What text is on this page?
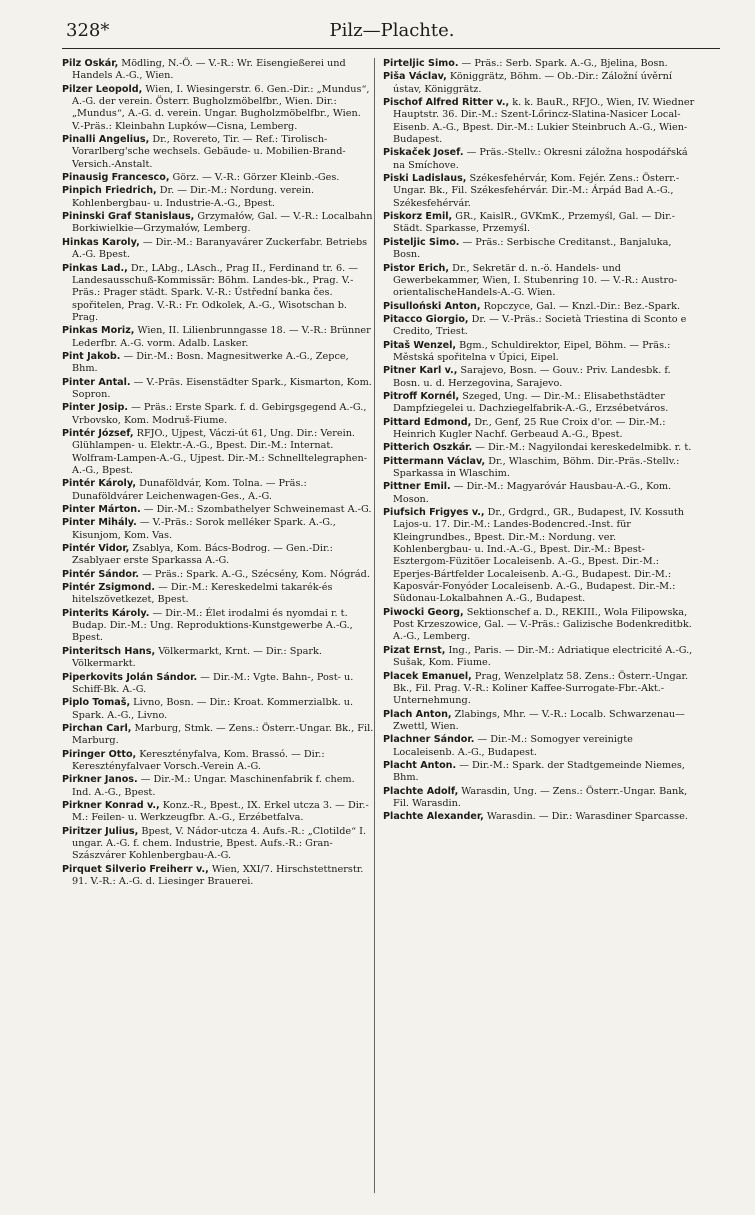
328*	Pilz—Plachte.
Pilz Oskár, Mödling, N.-Ö. — V.-R.: Wr. Eisengießerei und Handels A.-G., Wien.
Pilzer Leopold, Wien, I. Wiesingerstr. 6. Gen.-Dir.: „Mundus“, A.-G. der verein. Österr. Bugholzmöbelfbr., Wien. Dir.: „Mundus“, A.-G. d. verein. Ungar. Bugholzmöbelfbr., Wien. V.-Präs.: Kleinbahn Lupków—Cisna, Lemberg.
Pinalli Angelius, Dr., Rovereto, Tir. — Ref.: Tirolisch-Vorarlberg'sche wechsels. Gebäude- u. Mobilien-Brand-Versich.-Anstalt.
Pinausig Francesco, Görz. — V.-R.: Görzer Kleinb.-Ges.
Pinpich Friedrich, Dr. — Dir.-M.: Nordung. verein. Kohlenbergbau- u. Industrie-A.-G., Bpest.
Pininski Graf Stanislaus, Grzymałów, Gal. — V.-R.: Localbahn Borkiwielkie—Grzymałów, Lemberg.
Hinkas Karoly, — Dir.-M.: Baranyavárer Zuckerfabr. Betriebs A.-G. Bpest.
Pinkas Lad., Dr., LAbg., LAsch., Prag II., Ferdinand tr. 6. — Landesausschuß-Kommissär: Böhm. Landes-bk., Prag. V.-Präs.: Prager städt. Spark. V.-R.: Ústřední banka čes. spořitelen, Prag. V.-R.: Fr. Odkolek, A.-G., Wisotschan b. Prag.
Pinkas Moriz, Wien, II. Lilienbrunngasse 18. — V.-R.: Brünner Lederfbr. A.-G. vorm. Adalb. Lasker.
Pint Jakob. — Dir.-M.: Bosn. Magnesitwerke A.-G., Zepce, Bhm.
Pinter Antal. — V.-Präs. Eisenstädter Spark., Kismarton, Kom. Sopron.
Pinter Josip. — Präs.: Erste Spark. f. d. Gebirgsgegend A.-G., Vrbovsko, Kom. Modruš-Fiume.
Pintér József, RFJO., Ujpest, Váczi-út 61, Ung. Dir.: Verein. Glühlampen- u. Elektr.-A.-G., Bpest. Dir.-M.: Internat. Wolfram-Lampen-A.-G., Ujpest. Dir.-M.: Schnelltelegraphen-A.-G., Bpest.
Pintér Károly, Dunaföldvár, Kom. Tolna. — Präs.: Dunaföldvárer Leichenwagen-Ges., A.-G.
Pinter Márton. — Dir.-M.: Szombathelyer Schweinemast A.-G.
Pinter Mihály. — V.-Präs.: Sorok melléker Spark. A.-G., Kisunjom, Kom. Vas.
Pintér Vidor, Zsablya, Kom. Bács-Bodrog. — Gen.-Dir.: Zsablyaer erste Sparkassa A.-G.
Pintér Sándor. — Präs.: Spark. A.-G., Szécsény, Kom. Nógrád.
Pintér Zsigmond. — Dir.-M.: Kereskedelmi takarék-és hitelszövetkezet, Bpest.
Pinterits Károly. — Dir.-M.: Élet irodalmi és nyomdai r. t. Budap. Dir.-M.: Ung. Reproduktions-Kunstgewerbe A.-G., Bpest.
Pinteritsch Hans, Völkermarkt, Krnt. — Dir.: Spark. Völkermarkt.
Piperkovits Jolán Sándor. — Dir.-M.: Vgte. Bahn-, Post- u. Schiff-Bk. A.-G.
Piplo Tomaš, Livno, Bosn. — Dir.: Kroat. Kommerzialbk. u. Spark. A.-G., Livno.
Pirchan Carl, Marburg, Stmk. — Zens.: Österr.-Ungar. Bk., Fil. Marburg.
Piringer Otto, Keresztényfalva, Kom. Brassó. — Dir.: Keresztényfalvaer Vorsch.-Verein A.-G.
Pirkner Janos. — Dir.-M.: Ungar. Maschinenfabrik f. chem. Ind. A.-G., Bpest.
Pirkner Konrad v., Konz.-R., Bpest., IX. Erkel utcza 3. — Dir.-M.: Feilen- u. Werkzeugfbr. A.-G., Erzébetfalva.
Piritzer Julius, Bpest, V. Nádor-utcza 4. Aufs.-R.: „Clotilde“ I. ungar. A.-G. f. chem. Industrie, Bpest. Aufs.-R.: Gran-Szászvárer Kohlenbergbau-A.-G.
Pirquet Silverio Freiherr v., Wien, XXI/7. Hirschstettnerstr. 91. V.-R.: A.-G. d. Liesinger Brauerei.
Pirteljic Simo. — Präs.: Serb. Spark. A.-G., Bjelina, Bosn.
Piša Václav, Königgrätz, Böhm. — Ob.-Dir.: Záložní úvěrní ústav, Königgrätz.
Pischof Alfred Ritter v., k. k. BauR., RFJO., Wien, IV. Wiedner Hauptstr. 36. Dir.-M.: Szent-Lőrincz-Slatina-Nasicer Local-Eisenb. A.-G., Bpest. Dir.-M.: Lukier Steinbruch A.-G., Wien-Budapest.
Piskaček Josef. — Präs.-Stellv.: Okresni záložna hospodářská na Smíchove.
Piski Ladislaus, Székesfehérvár, Kom. Fejér. Zens.: Österr.-Ungar. Bk., Fil. Székesfehérvár. Dir.-M.: Árpád Bad A.-G., Székesfehérvár.
Piskorz Emil, GR., KaislR., GVKmK., Przemyśl, Gal. — Dir.- Städt. Sparkasse, Przemyśl.
Pisteljic Simo. — Präs.: Serbische Creditanst., Banjaluka, Bosn.
Pistor Erich, Dr., Sekretär d. n.-ö. Handels- und Gewerbekammer, Wien, I. Stubenring 10. — V.-R.: Austro-orientalischeHandels-A.-G. Wien.
Pisulloński Anton, Ropczyce, Gal. — Knzl.-Dir.: Bez.-Spark.
Pitacco Giorgio, Dr. — V.-Präs.: Società Triestina di Sconto e Credito, Triest.
Pitaš Wenzel, Bgm., Schuldirektor, Eipel, Böhm. — Präs.: Městská spořitelna v Úpici, Eipel.
Pitner Karl v., Sarajevo, Bosn. — Gouv.: Priv. Landesbk. f. Bosn. u. d. Herzegovina, Sarajevo.
Pitroff Kornél, Szeged, Ung. — Dir.-M.: Elisabethstädter Dampfziegelei u. Dachziegelfabrik-A.-G., Erzsébetváros.
Pittard Edmond, Dr., Genf, 25 Rue Croix d'or. — Dir.-M.: Heinrich Kugler Nachf. Gerbeaud A.-G., Bpest.
Pitterich Oszkár. — Dir.-M.: Nagyilondai kereskedelmibk. r. t.
Pittermann Václav, Dr., Wlaschim, Böhm. Dir.-Präs.-Stellv.: Sparkassa in Wlaschim.
Pittner Emil. — Dir.-M.: Magyaróvár Hausbau-A.-G., Kom. Moson.
Piufsich Frigyes v., Dr., Grdgrd., GR., Budapest, IV. Kossuth Lajos-u. 17. Dir.-M.: Landes-Bodencred.-Inst. für Kleingrundbes., Bpest. Dir.-M.: Nordung. ver. Kohlenbergbau- u. Ind.-A.-G., Bpest. Dir.-M.: Bpest-Esztergom-Füzitöer Localeisenb. A.-G., Bpest. Dir.-M.: Eperjes-Bártfelder Localeisenb. A.-G., Budapest. Dir.-M.: Kaposvár-Fonyóder Localeisenb. A.-G., Budapest. Dir.-M.: Südonau-Lokalbahnen A.-G., Budapest.
Piwocki Georg, Sektionschef a. D., REKIII., Wola Filipowska, Post Krzeszowice, Gal. — V.-Präs.: Galizische Bodenkreditbk. A.-G., Lemberg.
Pizat Ernst, Ing., Paris. — Dir.-M.: Adriatique electricité A.-G., Sušak, Kom. Fiume.
Placek Emanuel, Prag, Wenzelplatz 58. Zens.: Österr.-Ungar. Bk., Fil. Prag. V.-R.: Koliner Kaffee-Surrogate-Fbr.-Akt.-Unternehmung.
Plach Anton, Zlabings, Mhr. — V.-R.: Localb. Schwarzenau—Zwettl, Wien.
Plachner Sándor. — Dir.-M.: Somogyer vereinigte Localeisenb. A.-G., Budapest.
Placht Anton. — Dir.-M.: Spark. der Stadtgemeinde Niemes, Bhm.
Plachte Adolf, Warasdin, Ung. — Zens.: Österr.-Ungar. Bank, Fil. Warasdin.
Plachte Alexander, Warasdin. — Dir.: Warasdiner Sparcasse.
